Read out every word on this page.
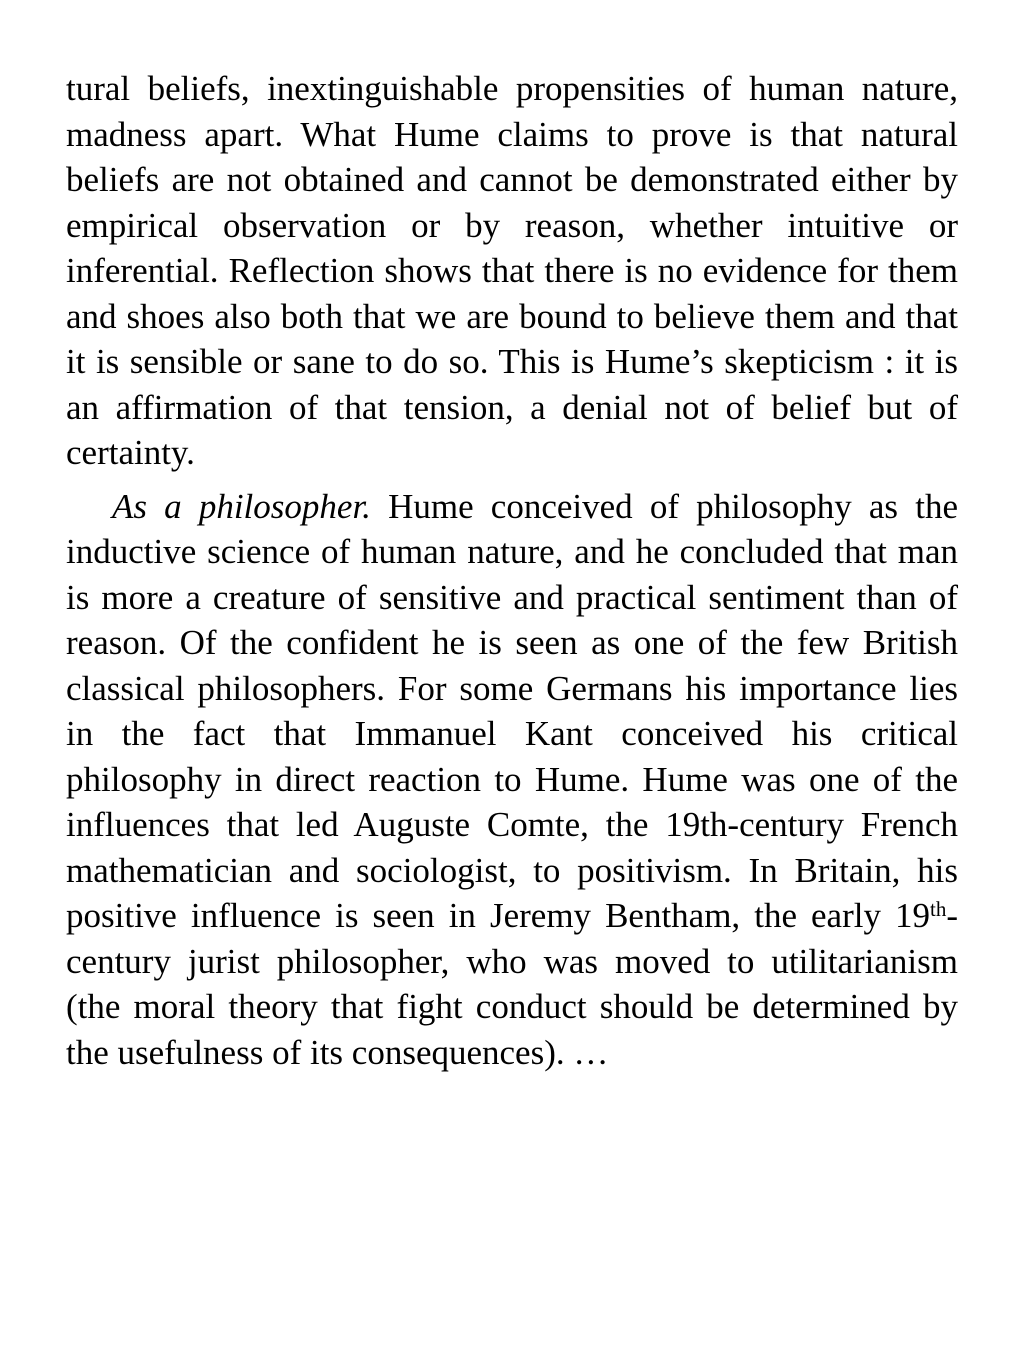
tural beliefs, inextinguishable propensities of human nature, madness apart. What Hume claims to prove is that natural beliefs are not obtained and cannot be demonstrated either by empirical observation or by reason, whether intuitive or inferential. Reflection shows that there is no evidence for them and shoes also both that we are bound to believe them and that it is sensible or sane to do so. This is Hume’s skepticism : it is an affirmation of that tension, a denial not of belief but of certainty.

As a philosopher. Hume conceived of philosophy as the inductive science of human nature, and he concluded that man is more a creature of sensitive and practical sentiment than of reason. Of the confident he is seen as one of the few British classical philosophers. For some Germans his importance lies in the fact that Immanuel Kant conceived his critical philosophy in direct reaction to Hume. Hume was one of the influences that led Auguste Comte, the 19th-century French mathematician and sociologist, to positivism. In Britain, his positive influence is seen in Jeremy Bentham, the early 19th-century jurist philosopher, who was moved to utilitarianism (the moral theory that fight conduct should be determined by the usefulness of its consequences). …
